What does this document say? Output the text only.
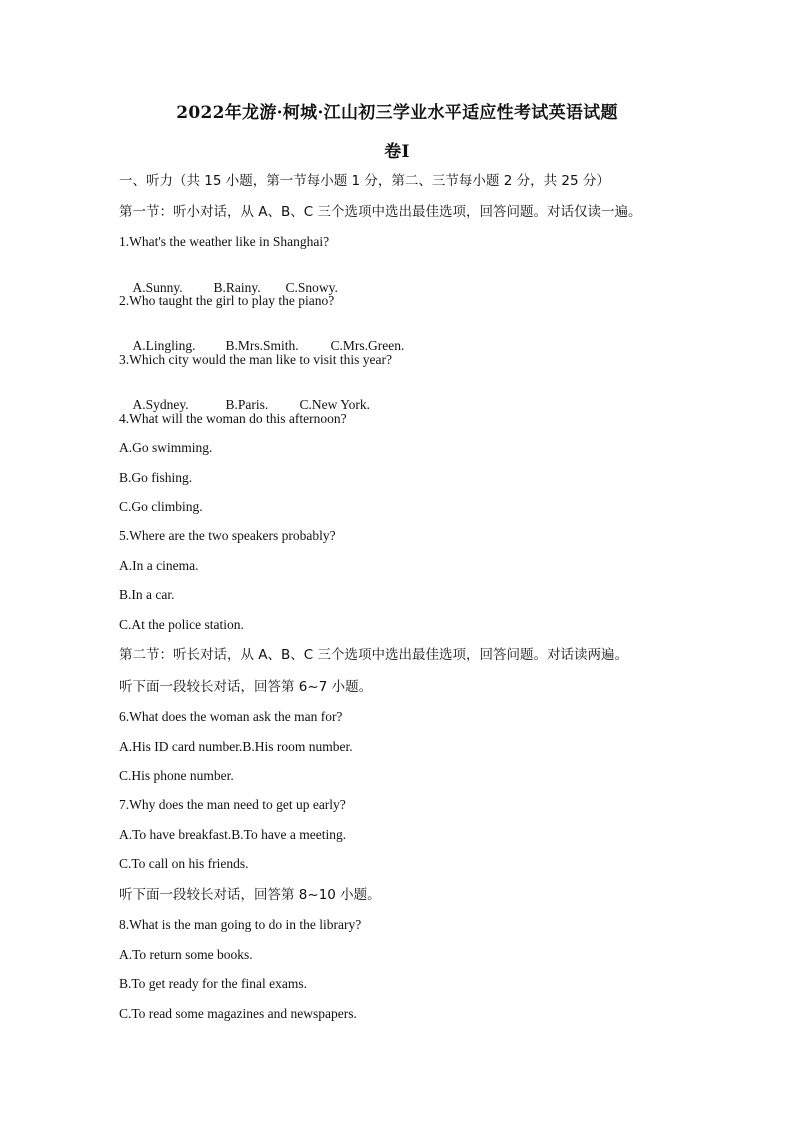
2022年龙游·柯城·江山初三学业水平适应性考试英语试题
卷I
一、听力（共 15 小题，第一节每小题 1 分，第二、三节每小题 2 分，共 25 分）
第一节：听小对话，从 A、B、C 三个选项中选出最佳选项，回答问题。对话仅读一遍。
1.What's the weather like in Shanghai?

A.Sunny. B.Rainy. C.Snowy.

2.Who taught the girl to play the piano?

A.Lingling. B.Mrs.Smith. C.Mrs.Green.

3.Which city would the man like to visit this year?

A.Sydney.	B.Paris. C.New York.

4.What will the woman do this afternoon?
A.Go swimming.
B.Go fishing.
C.Go climbing.
5.Where are the two speakers probably?
A.In a cinema.
B.In a car.
C.At the police station.
第二节：听长对话，从 A、B、C 三个选项中选出最佳选项，回答问题。对话读两遍。
听下面一段较长对话，回答第 6~7 小题。
6.What does the woman ask the man for?
A.His ID card number.B.His room number.
C.His phone number.
7.Why does the man need to get up early?
A.To have breakfast.B.To have a meeting.
C.To call on his friends.
听下面一段较长对话，回答第 8~10 小题。
8.What is the man going to do in the library?
A.To return some books.
B.To get ready for the final exams.
C.To read some magazines and newspapers.
